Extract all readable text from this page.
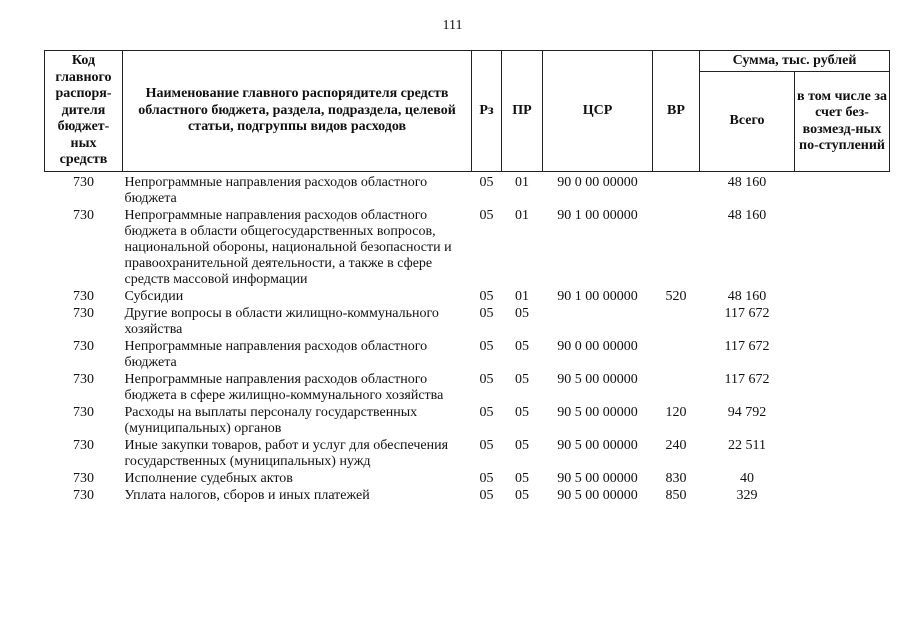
111
Код главного распоря-дителя бюджет-ных средств	Наименование главного распорядителя средств областного бюджета, раздела, подраздела, целевой статьи, подгруппы видов расходов	Рз	ПР	ЦСР	ВР	Сумма, тыс. рублей	
						Всего	в том числе за счет без-возмезд-ных по-ступлений
730	Непрограммные направления расходов областного бюджета	05	01	90 0 00 00000		48 160	
730	Непрограммные направления расходов областного бюджета в области общегосударственных вопросов, национальной обороны, национальной безопасности и правоохранительной деятельности, а также в сфере средств массовой информации	05	01	90 1 00 00000		48 160	
730	Субсидии	05	01	90 1 00 00000	520	48 160	
730	Другие вопросы в области жилищно-коммунального хозяйства	05	05			117 672	
730	Непрограммные направления расходов областного бюджета	05	05	90 0 00 00000		117 672	
730	Непрограммные направления расходов областного бюджета в сфере жилищно-коммунального хозяйства	05	05	90 5 00 00000		117 672	
730	Расходы на выплаты персоналу государственных (муниципальных) органов	05	05	90 5 00 00000	120	94 792	
730	Иные закупки товаров, работ и услуг для обеспечения государственных (муниципальных) нужд	05	05	90 5 00 00000	240	22 511	
730	Исполнение судебных актов	05	05	90 5 00 00000	830	40	
730	Уплата налогов, сборов и иных платежей	05	05	90 5 00 00000	850	329	
